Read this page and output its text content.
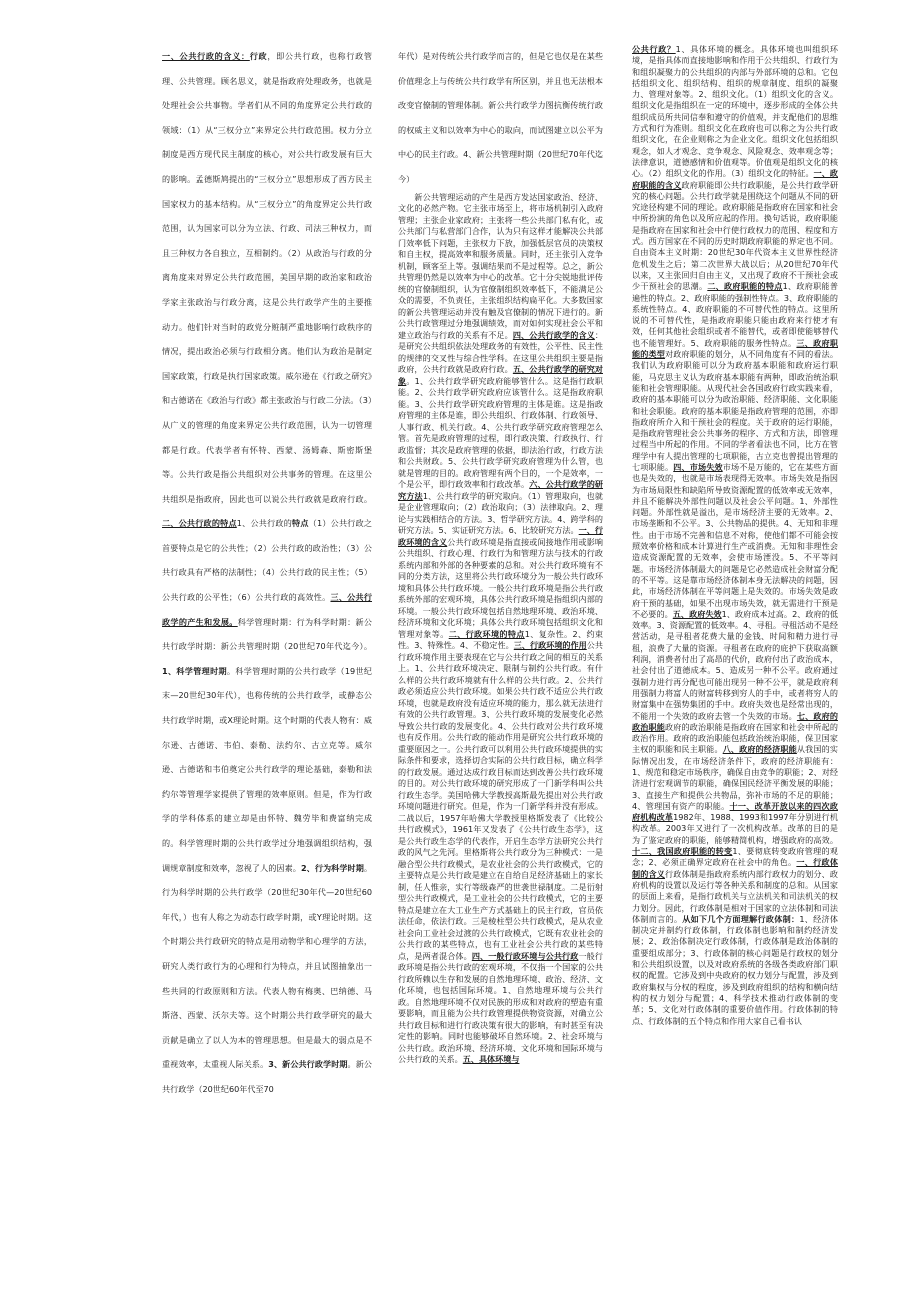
一、公共行政的含义：行政，即公共行政，也称行政管理、公共管理。顾名思义，就是指政府处理政务，也就是处理社会公共事物。学者们从不同的角度界定公共行政的领域：（1）从“三权分立”来界定公共行政范围。权力分立制度是西方现代民主制度的核心，对公共行政发展有巨大的影响。孟德斯鸠提出的“三权分立”思想形成了西方民主国家权力的基本结构。从“三权分立”的角度界定公共行政范围，认为国家可以分为立法、行政、司法三种权力，而且三种权力各自独立，互相制约。（2）从政治与行政的分离角度来对界定公共行政范围，美国早期的政治家和政治学家主张政治与行政分离，这是公共行政学产生的主要推动力。他们针对当时的政党分赃制严重地影响行政秩序的情况，提出政治必须与行政相分离。他们认为政治是制定国家政策，行政是执行国家政策。威尔逊在《行政之研究》和古德诺在《政治与行政》都主张政治与行政二分法。（3）从广义的管理的角度来界定公共行政范围，认为一切管理都是行政。代表学者有怀特、西蒙、汤姆森、斯密斯堡等。公共行政是指公共组织对公共事务的管理。在这里公共组织是指政府，因此也可以说公共行政就是政府行政。二、公共行政的特点1、公共行政的特点（1）公共行政之首要特点是它的公共性；（2）公共行政的政治性；（3）公共行政具有严格的法制性；（4）公共行政的民主性；（5）公共行政的公平性；（6）公共行政的高效性。三、公共行政学的产生和发展。科学管理时期：行为科学时期：新公共行政学时期：新公共管理时期（20世纪70年代迄今）。1、科学管理时期。科学管理时期的公共行政学（19世纪末—20世纪30年代），也称传统的公共行政学，或静态公共行政学时期，或X理论时期。这个时期的代表人物有：威尔逊、古德诺、韦伯、泰勒、法约尔、古立克等。威尔逊、古德诺和韦伯奠定公共行政学的理论基础，泰勒和法约尔等管理学家提供了管理的效率原则。但是，作为行政学的学科体系的建立却是由怀特、魏劳毕和费富纳完成的。科学管理时期的公共行政学过分地强调组织结构，强调规章制度和效率，忽视了人的因素。2、行为科学时期。行为科学时期的公共行政学（20世纪30年代—20世纪60年代，）也有人称之为动态行政学时期，或Y理论时期。这个时期公共行政研究的特点是用动物学和心理学的方法，研究人类行政行为的心理和行为特点，并且试图抽象出一些共同的行政原则和方法。代表人物有梅奥、巴纳德、马斯洛、西蒙、沃尔夫等。这个时期公共行政学研究的最大贡献是确立了以人为本的管理思想。但是最大的弱点是不重视效率，太重视人际关系。3、新公共行政学时期。新公共行政学（20世纪60年代至70

年代）是对传统公共行政学而言的，但是它也仅是在某些价值理念上与传统公共行政学有所区别，并且也无法根本改变官僚制的管理体制。新公共行政学力图抗衡传统行政的权威主义和以效率为中心的取向，而试图建立以公平为中心的民主行政。4、新公共管理时期（20世纪70年代迄今）

　　新公共管理运动的产生是西方发达国家政治、经济、文化的必然产物。它主张市场至上，将市场机制引入政府管理；主张企业家政府；主张将一些公共部门私有化，或公共部门与私营部门合作，认为只有这样才能解决公共部门效率低下问题，主张权力下放，加强低层官员的决策权和自主权，提高效率和服务质量。同时，还主张引入竞争机制，顾客至上等。强调结果而不是过程等。总之，新公共管理仍然是以效率为中心的改革。它十分尖锐地批评传统的官僚制组织，认为官僚制组织效率低下，不能满足公众的需要，不负责任，主张组织结构扁平化。大多数国家的新公共管理运动并没有触及官僚制的情况下进行的。新公共行政管理过分地强调绩效，而对如何实现社会公平和建立政治与行政的关系有不足。四、公共行政学的含义：是研究公共组织依法处理政务的有效性，公平性、民主性的规律的交叉性与综合性学科。在这里公共组织主要是指政府，公共行政就是政府行政。五、公共行政学的研究对象。1、公共行政学研究政府能够管什么。这是指行政职能。2、公共行政学研究政府应该管什么。这是指政府职能。3、公共行政学研究政府管理的主体是谁。这是指政府管理的主体是谁，即公共组织、行政体制、行政领导、人事行政、机关行政。4、公共行政学研究政府管理怎么管。首先是政府管理的过程，即行政决策、行政执行、行政监督；其次是政府管理的依据，即法治行政，行政方法和公共财政。5、公共行政学研究政府管理为什么管，也就是管理的目的。政府管理有两个目的，一个是效率，一个是公平，即行政效率和行政改革。六、公共行政学的研究方法1、公共行政学的研究取向。（1）管理取向，也就是企业管理取向；（2）政治取向；（3）法律取向。2、理论与实践相结合的方法。3、哲学研究方法。4、跨学科的研究方法。5、实证研究方法。6、比较研究方法。一、行政环境的含义公共行政环境是指直接或间接地作用或影响公共组织、行政心理、行政行为和管理方法与技术的行政系统内部和外部的各种要素的总和。对公共行政环境有不同的分类方法，这里将公共行政环境分为一般公共行政环境和具体公共行政环境。一般公共行政环境是指公共行政系统外部的宏观环境，具体公共行政环境是指组织内部的环境。一般公共行政环境包括自然地理环境、政治环境、经济环境和文化环境；具体公共行政环境包括组织文化和管理对象等。二、行政环境的特点1、复杂性。2、约束性。3、特殊性。4、不稳定性。三、行政环境的作用公共行政环境作用主要表现在它与公共行政之间的相互的关系上。1、公共行政环境决定、限制与制约公共行政。有什么样的公共行政环境就有什么样的公共行政。2、公共行政必须适应公共行政环境。如果公共行政不适应公共行政环境，也就是政府没有适应环境的能力，那么就无法进行有效的公共行政管理。3、公共行政环境的发展变化必然导致公共行政的发展变化。4、公共行政对公共行政环境也有反作用。公共行政的能动作用是研究公共行政环境的重要原因之一。公共行政可以利用公共行政环境提供的实际条件和要求，选择切合实际的公共行政目标，确立科学的行政发展。通过达成行政目标而达到改善公共行政环境的目的。对公共行政环境的研究形成了一门新学科叫公共行政生态学。美国哈佛大学教授高斯最先提出对公共行政环境问题进行研究。但是，作为一门新学科并没有形成。二战以后，1957年哈佛大学教授里格斯发表了《比较公共行政模式》，1961年又发表了《公共行政生态学》，这是公共行政生态学的代表作，开启生态学方法研究公共行政的风气之先河。里格斯将公共行政分为三种模式：一是融合型公共行政模式，是农业社会的公共行政模式，它的主要特点是公共行政是建立在自给自足经济基础上的家长制，任人惟亲，实行等级森严的世袭世禄制度。二是衍射型公共行政模式，是工业社会的公共行政模式，它的主要特点是建立在大工业生产方式基础上的民主行政，官员依法任命，依法行政。三是棱柱型公共行政模式，是从农业社会向工业社会过渡的公共行政模式，它既有农业社会的公共行政的某些特点，也有工业社会公共行政的某些特点，是两者混合体。四、一般行政环境与公共行政一般行政环境是指公共行政的宏观环境，不仅指一个国家的公共行政所赖以生存和发展的自然地理环境、政治、经济、文化环境，也包括国际环境。1、自然地理环境与公共行政。自然地理环境不仅对民族的形成和对政府的塑造有重要影响，而且能为公共行政管理提供物资资源，对确立公共行政目标和进行行政决策有很大的影响，有时甚至有决定性的影响。同时也能够破坏自然环境。2、社会环境与公共行政。政治环境、经济环境、文化环境和国际环境与公共行政的关系。五、具体环境与

公共行政？1、具体环境的概念。具体环境也叫组织环境，是指具体而直接地影响和作用于公共组织、行政行为和组织凝聚力的公共组织的内部与外部环境的总和。它包括组织文化、组织结构、组织的规章制度、组织的凝聚力、管理对象等。2、组织文化。（1）组织文化的含义。组织文化是指组织在一定的环境中，逐步形成的全体公共组织成员所共同信奉和遵守的价值观，并支配他们的思维方式和行为准则。组织文化在政府也可以称之为公共行政组织文化，在企业则称之为企业文化。组织文化包括组织观念，如人才观念、竞争观念、风险观念、效率观念等；法律意识，道德感情和价值观等。价值观是组织文化的核心。（2）组织文化的作用。（3）组织文化的特征。一、政府职能的含义政府职能即公共行政职能，是公共行政学研究的核心问题。公共行政学就是围绕这个问题从不同的研究途径构建不同的理论。政府职能是指政府在国家和社会中所扮演的角色以及所应起的作用。换句话说，政府职能是指政府在国家和社会中行使行政权力的范围、程度和方式。西方国家在不同的历史时期政府职能的界定也不同。自由资本主义时期：20世纪30年代资本主义世界性经济危机发生之后；第二次世界大战以后；从20世纪70年代以来，又主张回归自由主义，又出现了政府不干预社会或少干预社会的思潮。二、政府职能的特点1、政府职能普遍性的特点。2、政府职能的强制性特点。3、政府职能的系统性特点。4、政府职能的不可替代性的特点。这里所说的不可替代性，是指政府职能只能由政府来行使才有效，任何其他社会组织或者不能替代，或者即使能够替代也不能管理好。5、政府职能的服务性特点。三、政府职能的类型对政府职能的划分，从不同角度有不同的看法。我们认为政府职能可以分为政府基本职能和政府运行职能，马克思主义认为政府基本职能有两种，即政治统治职能和社会管理职能。从现代社会各国政府行政实践来看，政府的基本职能可以分为政治职能、经济职能、文化职能和社会职能。政府的基本职能是指政府管理的范围，亦即指政府所介入和干预社会的程度。关于政府的运行职能，是指政府管理社会公共事务的程序、方式和方法，即管理过程当中所起的作用。不同的学者看法也不同，比方在管理学中有人提出管理的七项职能，古立克也曾提出管理的七项职能。四、市场失效市场不是万能的，它在某些方面也是失效的，也就是市场表现得无效率。市场失效是指因为市场局限性和缺陷所导致资源配置的低效率或无效率，并且不能解决外部性问题以及社会公平问题。1、外部性问题。外部性就是溢出，是市场经济主要的无效率。2、市场垄断和不公平。3、公共物品的提供。4、无知和非理性。由于市场不完善和信息不对称，使他们都不可能会按照效率价格和成本计算进行生产或消费。无知和非理性会造成资源配置的无效率，会使市场湮没。5、不平等问题。市场经济体制最大的问题是它必然造成社会财富分配的不平等。这是靠市场经济体制本身无法解决的问题，因此，市场经济体制在平等问题上是失效的。市场失效是政府干预的基础，如果不出现市场失效，就无需进行干预是不必要的。五、政府失效1、政府成本过高。2、政府的低效率。3、资源配置的低效率。4、寻租。寻租活动不是经营活动，是寻租者花费大量的金钱、时间和精力进行寻租，浪费了大量的资源。寻租者在政府的庇护下获取高额利润，消费者付出了高昂的代价，政府付出了政治成本，社会付出了道德成本。5、造成另一种不公平。政府通过强制力进行再分配也可能出现另一种不公平，就是政府利用强制力将富人的财富转移到穷人的手中，或者将穷人的财富集中在强势集团的手中。政府失效也是经常出现的，不能用一个失效的政府去管一个失效的市场。七、政府的政治职能政府的政治职能是指政府在国家和社会中所起的政治作用。政府的政治职能包括政治统治职能，保卫国家主权的职能和民主职能。八、政府的经济职能从我国的实际情况出发，在市场经济条件下，政府的经济职能有：1、规范和稳定市场秩序，确保自由竞争的职能；2、对经济进行宏观调节的职能，确保国民经济平衡发展的职能；3、直接生产和提供公共物品，弥补市场的不足的职能；4、管理国有资产的职能。十一、改革开放以来的四次政府机构改革1982年、1988、1993和1997年分别进行机构改革。2003年又进行了一次机构改革。改革的目的是为了鉴定政府的职能，能够精简机构，增强政府的高效。十二、我国政府职能的转变1、要彻底转变政府管理的观念；2、必须正确界定政府在社会中的角色。一、行政体制的含义行政体制是指政府系统内部行政权力的划分、政府机构的设置以及运行等各种关系和制度的总和。从国家的层面上来看，是指行政机关与立法机关和司法机关的权力划分。因此，行政体制是相对于国家的立法体制和司法体制而言的。从如下几个方面理解行政体制：1、经济体制决定并制约行政体制，行政体制也影响和制约经济发展；2、政治体制决定行政体制，行政体制是政治体制的重要组成部分；3、行政体制的核心问题是行政权的划分和公共组织设置，以及对政府系统的各级各类政府部门职权的配置。它涉及到中央政府的权力划分与配置，涉及到政府集权与分权的程度，涉及到政府组织的结构和横向结构的权力划分与配置；4、科学技术推动行政体制的变革；5、文化对行政体制的重要价值作用。行政体制的特点、行政体制的五个特点和作用大家自己看书认
